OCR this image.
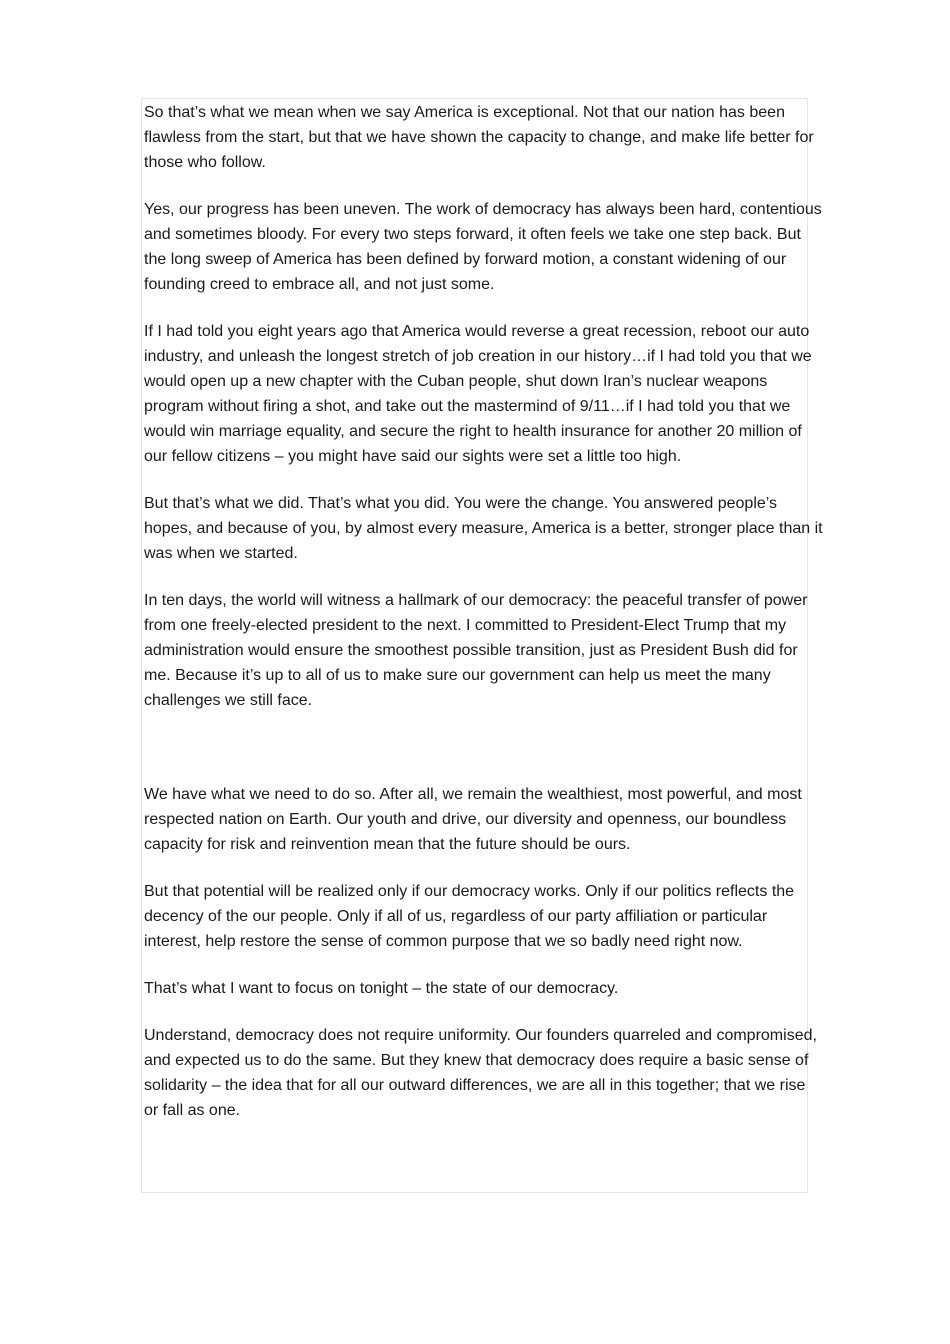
So that’s what we mean when we say America is exceptional. Not that our nation has been flawless from the start, but that we have shown the capacity to change, and make life better for those who follow.

Yes, our progress has been uneven. The work of democracy has always been hard, contentious and sometimes bloody. For every two steps forward, it often feels we take one step back. But the long sweep of America has been defined by forward motion, a constant widening of our founding creed to embrace all, and not just some.

If I had told you eight years ago that America would reverse a great recession, reboot our auto industry, and unleash the longest stretch of job creation in our history…if I had told you that we would open up a new chapter with the Cuban people, shut down Iran’s nuclear weapons program without firing a shot, and take out the mastermind of 9/11…if I had told you that we would win marriage equality, and secure the right to health insurance for another 20 million of our fellow citizens – you might have said our sights were set a little too high.

But that’s what we did. That’s what you did. You were the change. You answered people’s hopes, and because of you, by almost every measure, America is a better, stronger place than it was when we started.

In ten days, the world will witness a hallmark of our democracy: the peaceful transfer of power from one freely-elected president to the next. I committed to President-Elect Trump that my administration would ensure the smoothest possible transition, just as President Bush did for me. Because it’s up to all of us to make sure our government can help us meet the many challenges we still face.

We have what we need to do so. After all, we remain the wealthiest, most powerful, and most respected nation on Earth. Our youth and drive, our diversity and openness, our boundless capacity for risk and reinvention mean that the future should be ours.

But that potential will be realized only if our democracy works. Only if our politics reflects the decency of the our people. Only if all of us, regardless of our party affiliation or particular interest, help restore the sense of common purpose that we so badly need right now.

That’s what I want to focus on tonight – the state of our democracy.

Understand, democracy does not require uniformity. Our founders quarreled and compromised, and expected us to do the same. But they knew that democracy does require a basic sense of solidarity – the idea that for all our outward differences, we are all in this together; that we rise or fall as one.
